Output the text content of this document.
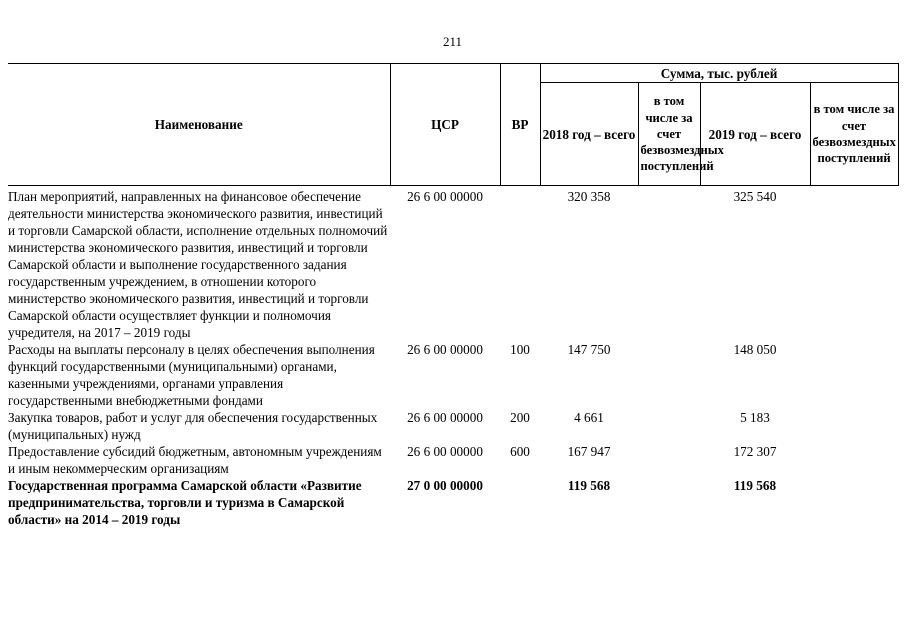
211
Наименование	ЦСР	ВР	Сумма, тыс. рублей			
			2018 год – всего	в том числе за счет безвозмездных поступлений	2019 год – всего	в том числе за счет безвозмездных поступлений
План мероприятий, направленных на финансовое обеспечение деятельности министерства экономического развития, инвестиций и торговли Самарской области, исполнение отдельных полномочий министерства экономического развития, инвестиций и торговли Самарской области и выполнение государственного задания государственным учреждением, в отношении которого министерство экономического развития, инвестиций и торговли Самарской области осуществляет функции и полномочия учредителя, на 2017 – 2019 годы	26 6 00 00000		320 358		325 540	
Расходы на выплаты персоналу в целях обеспечения выполнения функций государственными (муниципальными) органами, казенными учреждениями, органами управления государственными внебюджетными фондами	26 6 00 00000	100	147 750		148 050	
Закупка товаров, работ и услуг для обеспечения государственных (муниципальных) нужд	26 6 00 00000	200	4 661		5 183	
Предоставление субсидий бюджетным, автономным учреждениям и иным некоммерческим организациям	26 6 00 00000	600	167 947		172 307	
Государственная программа Самарской области «Развитие предпринимательства, торговли и туризма в Самарской области» на 2014 – 2019 годы	27 0 00 00000		119 568		119 568	
